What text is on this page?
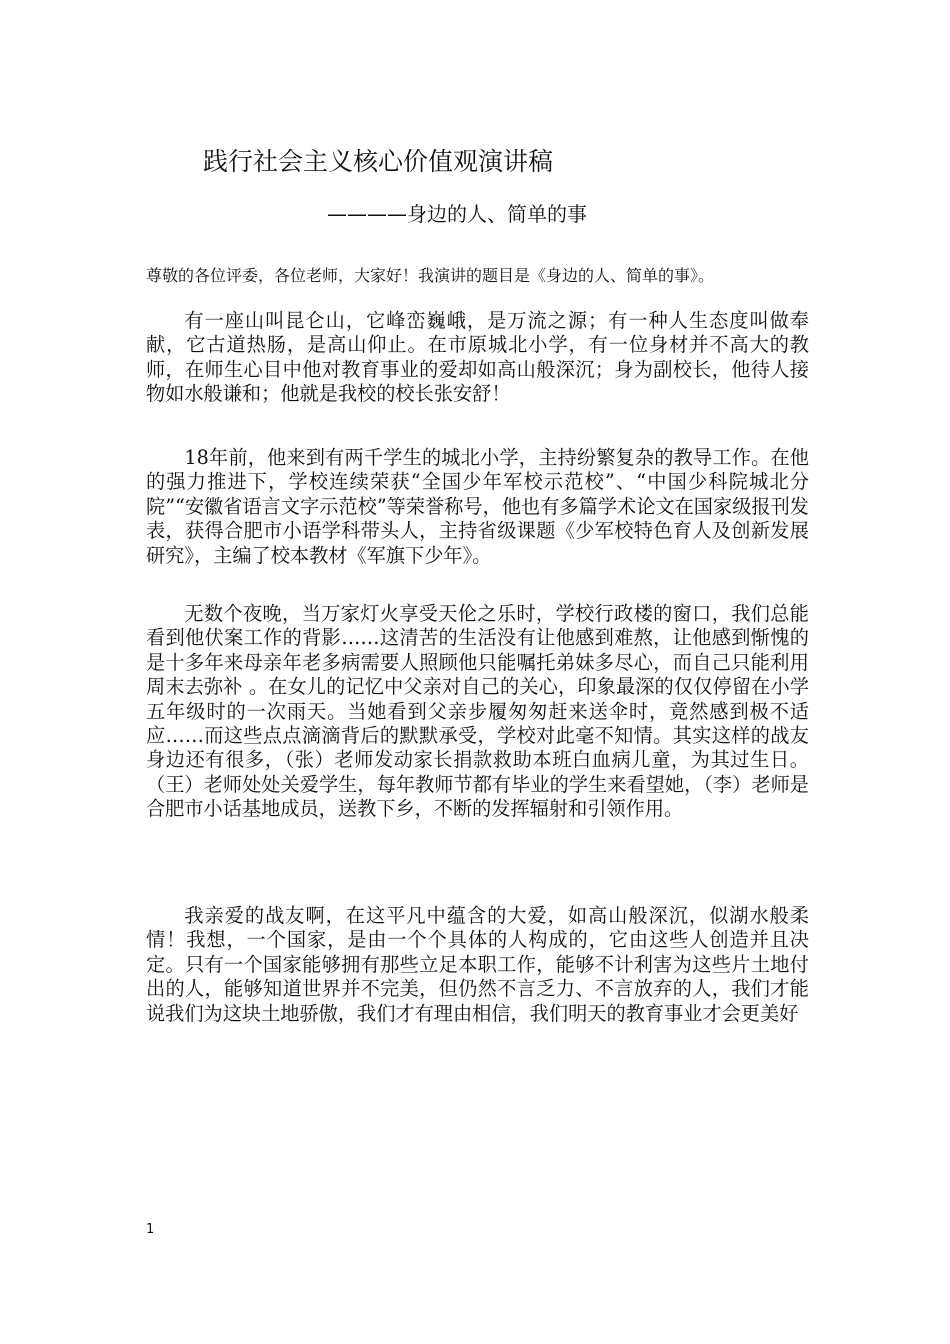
践行社会主义核心价值观演讲稿
————身边的人、简单的事
尊敬的各位评委，各位老师，大家好！我演讲的题目是《身边的人、简单的事》。

有一座山叫昆仑山，它峰峦巍峨，是万流之源；有一种人生态度叫做奉献，它古道热肠，是高山仰止。在市原城北小学，有一位身材并不高大的教师，在师生心目中他对教育事业的爱却如高山般深沉；身为副校长，他待人接物如水般谦和；他就是我校的校长张安舒！

18年前，他来到有两千学生的城北小学，主持纷繁复杂的教导工作。在他的强力推进下，学校连续荣获“全国少年军校示范校”、“中国少科院城北分院”“安徽省语言文字示范校”等荣誉称号，他也有多篇学术论文在国家级报刊发表，获得合肥市小语学科带头人，主持省级课题《少军校特色育人及创新发展研究》，主编了校本教材《军旗下少年》。

无数个夜晚，当万家灯火享受天伦之乐时，学校行政楼的窗口，我们总能看到他伏案工作的背影……这清苦的生活没有让他感到难熬，让他感到惭愧的是十多年来母亲年老多病需要人照顾他只能嘱托弟妹多尽心，而自己只能利用周末去弥补 。在女儿的记忆中父亲对自己的关心，印象最深的仅仅停留在小学五年级时的一次雨天。当她看到父亲步履匆匆赶来送伞时，竟然感到极不适应……而这些点点滴滴背后的默默承受，学校对此毫不知情。其实这样的战友身边还有很多，（张）老师发动家长捐款救助本班白血病儿童，为其过生日。（王）老师处处关爱学生，每年教师节都有毕业的学生来看望她，（李）老师是合肥市小话基地成员，送教下乡，不断的发挥辐射和引领作用。

我亲爱的战友啊，在这平凡中蕴含的大爱，如高山般深沉，似湖水般柔情！我想，一个国家，是由一个个具体的人构成的，它由这些人创造并且决定。只有一个国家能够拥有那些立足本职工作，能够不计利害为这些片土地付出的人，能够知道世界并不完美，但仍然不言乏力、不言放弃的人，我们才能说我们为这块土地骄傲，我们才有理由相信，我们明天的教育事业才会更美好

1
